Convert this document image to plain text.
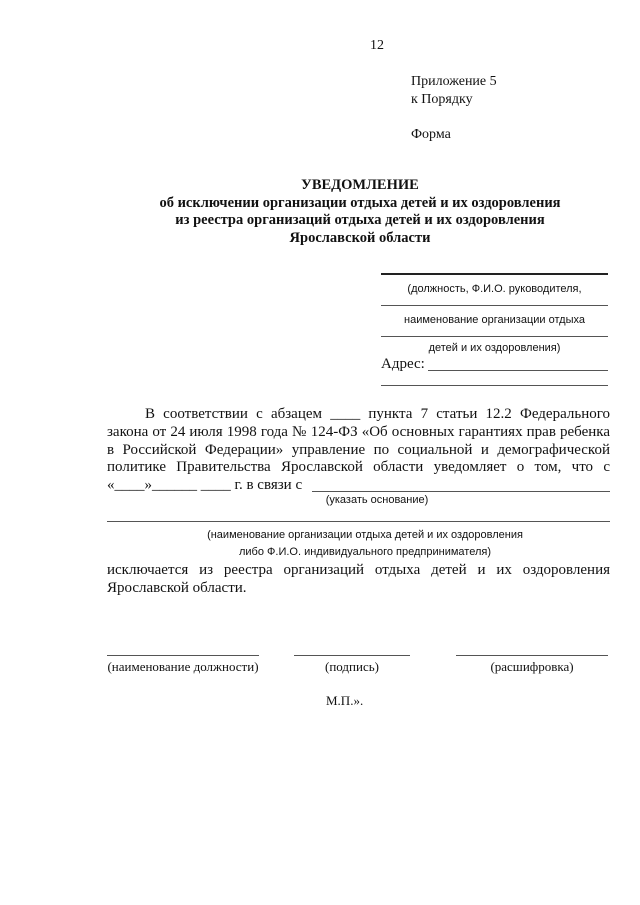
12
Приложение 5
к Порядку
Форма
УВЕДОМЛЕНИЕ
об исключении организации отдыха детей и их оздоровления
из реестра организаций отдыха детей и их оздоровления
Ярославской области
(должность, Ф.И.О. руководителя,
наименование организации отдыха
детей и их оздоровления)
Адрес:
В соответствии с абзацем ____ пункта 7 статьи 12.2 Федерального
закона от 24 июля 1998 года № 124-ФЗ «Об основных гарантиях прав ребенка
в Российской Федерации» управление по социальной и демографической
политике Правительства Ярославской области уведомляет о том, что с
«____»______ ____ г. в связи с
(указать основание)
(наименование организации отдыха детей и их оздоровления
либо Ф.И.О. индивидуального предпринимателя)
исключается из реестра организаций отдыха детей и их оздоровления
Ярославской области.
(наименование должности)	(подпись)	(расшифровка)
М.П.».
